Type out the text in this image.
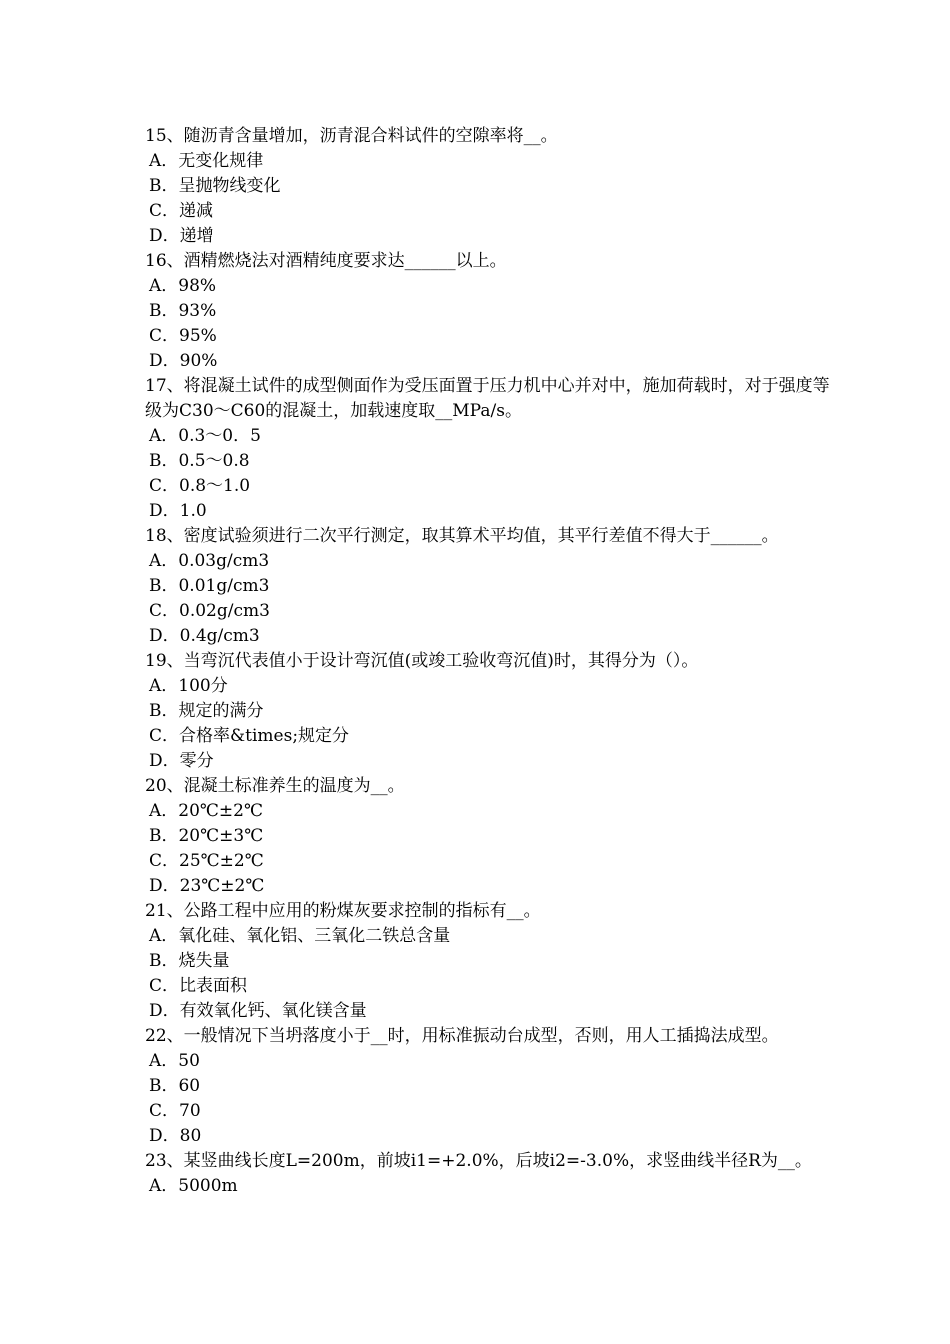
15、随沥青含量增加，沥青混合料试件的空隙率将__。
A．无变化规律
B．呈抛物线变化
C．递减
D．递增
16、酒精燃烧法对酒精纯度要求达______以上。
A．98%
B．93%
C．95%
D．90%
17、将混凝土试件的成型侧面作为受压面置于压力机中心并对中，施加荷载时，对于强度等级为C30～C60的混凝土，加载速度取__MPa/s。
A．0.3～0．5
B．0.5～0.8
C．0.8～1.0
D．1.0
18、密度试验须进行二次平行测定，取其算术平均值，其平行差值不得大于______。
A．0.03g/cm3
B．0.01g/cm3
C．0.02g/cm3
D．0.4g/cm3
19、当弯沉代表值小于设计弯沉值(或竣工验收弯沉值)时，其得分为（）。
A．100分
B．规定的满分
C．合格率&times;规定分
D．零分
20、混凝土标准养生的温度为__。
A．20℃±2℃
B．20℃±3℃
C．25℃±2℃
D．23℃±2℃
21、公路工程中应用的粉煤灰要求控制的指标有__。
A．氧化硅、氧化铝、三氧化二铁总含量
B．烧失量
C．比表面积
D．有效氧化钙、氧化镁含量
22、一般情况下当坍落度小于__时，用标准振动台成型，否则，用人工插捣法成型。
A．50
B．60
C．70
D．80
23、某竖曲线长度L=200m，前坡i1=+2.0%，后坡i2=-3.0%，求竖曲线半径R为__。
A．5000m
